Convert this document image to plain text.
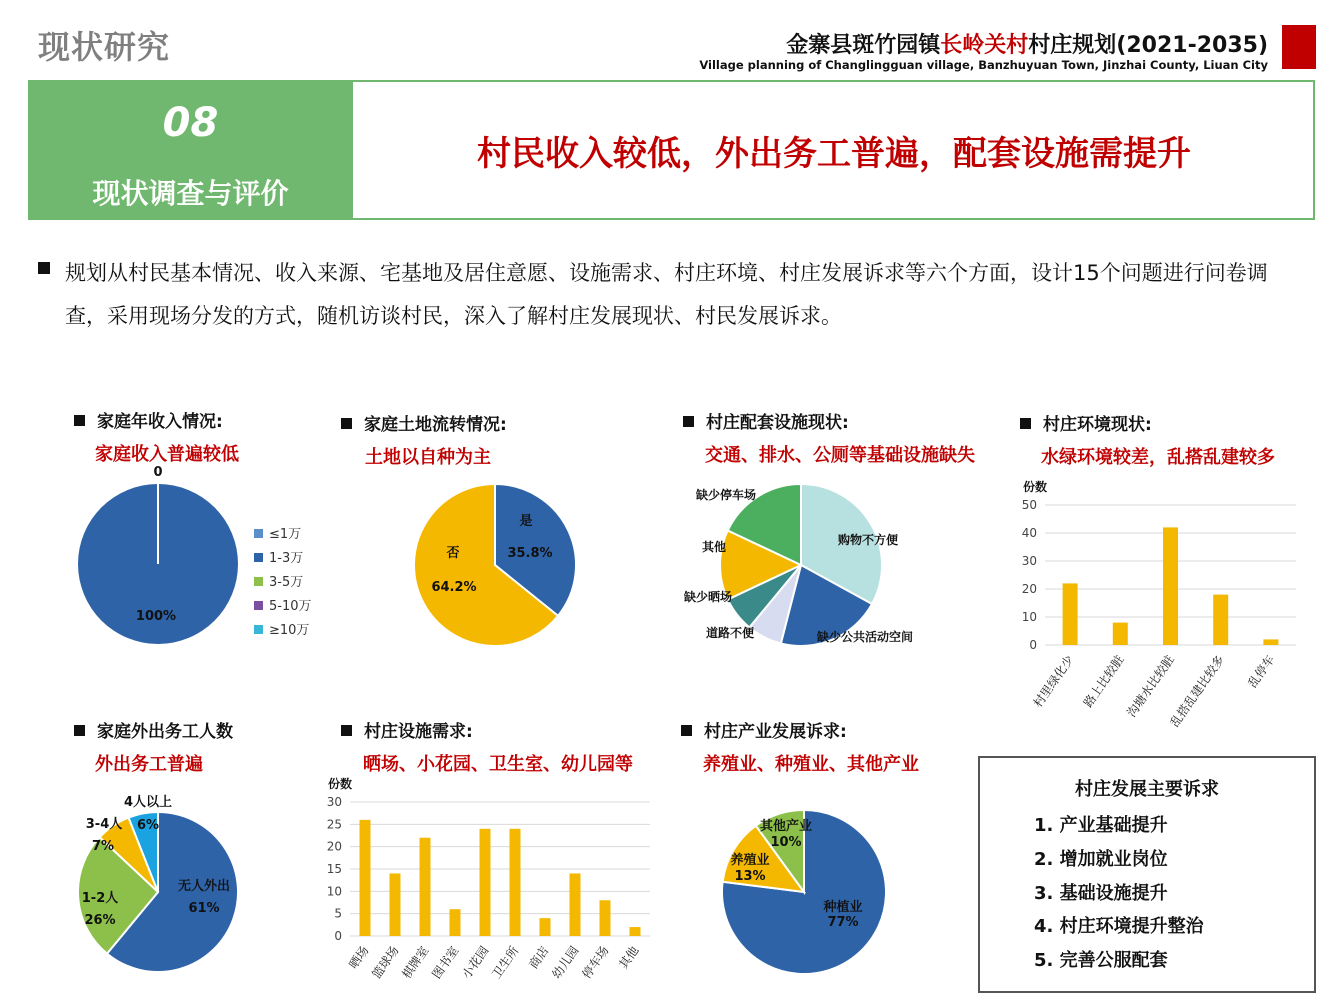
现状研究	金寨县斑竹园镇长岭关村村庄规划(2021-2035)
Village planning of Changlingguan village, Banzhuyuan Town, Jinzhai County, Liuan City
08
现状调查与评价
村民收入较低，外出务工普遍，配套设施需提升
规划从村民基本情况、收入来源、宅基地及居住意愿、设施需求、村庄环境、村庄发展诉求等六个方面，设计15个问题进行问卷调查，采用现场分发的方式，随机访谈村民，深入了解村庄发展现状、村民发展诉求。
家庭年收入情况:
家庭收入普遍较低
家庭土地流转情况:
土地以自种为主
村庄配套设施现状:
交通、排水、公厕等基础设施缺失
村庄环境现状:
水绿环境较差，乱搭乱建较多
家庭外出务工人数
外出务工普遍
村庄设施需求:
晒场、小花园、卫生室、幼儿园等
村庄产业发展诉求:
养殖业、种殖业、其他产业
100%
0
≤1万
1-3万
3-5万
5-10万
≥10万
是
35.8%
否
64.2%
购物不方便
缺少公共活动空间
道路不便
缺少晒场
其他
缺少停车场
0
10
20
30
40
50
份数
村里绿化少 路上比较脏
沟塘水比较脏
乱搭乱建比较多 乱停车
无人外出
61%
1-2人
26%
3-4人
7%
4人以上
6%
0
5
10
15
20
25
30
份数
晒场
篮球场
棋牌室
图书室
小花园
卫生所 商店
幼儿园
停车场 其他
种植业
77%
养殖业
13%
其他产业
10%
村庄发展主要诉求
1. 产业基础提升
2. 增加就业岗位
3. 基础设施提升
4. 村庄环境提升整治
5. 完善公服配套
